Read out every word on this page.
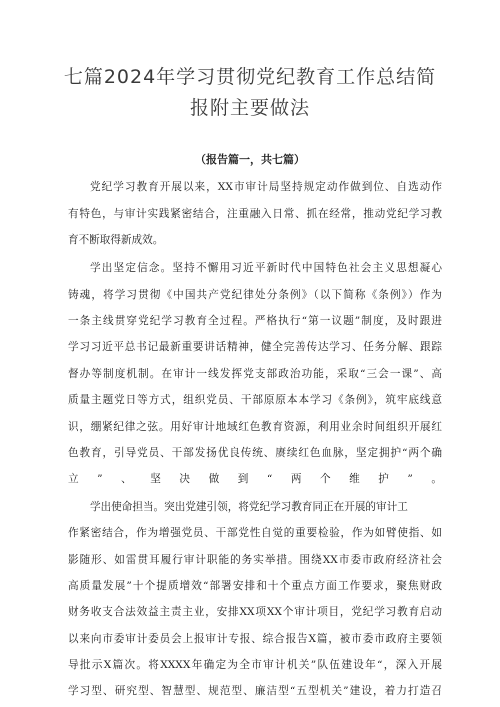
七篇2024年学习贯彻党纪教育工作总结简
报附主要做法

（报告篇一，共七篇）

党纪学习教育开展以来，XX市审计局坚持规定动作做到位、自选动作

有特色，与审计实践紧密结合，注重融入日常、抓在经常，推动党纪学习教

育不断取得新成效。

学出坚定信念。坚持不懈用习近平新时代中国特色社会主义思想凝心

铸魂，将学习贯彻《中国共产党纪律处分条例》（以下简称《条例》）作为

一条主线贯穿党纪学习教育全过程。严格执行“第一议题”制度，及时跟进

学习习近平总书记最新重要讲话精神，健全完善传达学习、任务分解、跟踪

督办等制度机制。在审计一线发挥党支部政治功能，采取“三会一课”、高

质量主题党日等方式，组织党员、干部原原本本学习《条例》，筑牢底线意

识，绷紧纪律之弦。用好审计地域红色教育资源，利用业余时间组织开展红

色教育，引导党员、干部发扬优良传统、赓续红色血脉，坚定拥护“两个确

立”、坚决做到“两个维护”。

学出使命担当。突出党建引领，将党纪学习教育同正在开展的审计工

作紧密结合，作为增强党员、干部党性自觉的重要检验，作为如臂使指、如

影随形、如雷贯耳履行审计职能的务实举措。围绕XX市委市政府经济社会

高质量发展”十个提质增效“部署安排和十个重点方面工作要求，聚焦财政

财务收支合法效益主责主业，安排XX项XX个审计项目，党纪学习教育启动

以来向市委审计委员会上报审计专报、综合报告X篇，被市委市政府主要领

导批示X篇次。将XXXX年确定为全市审计机关”队伍建设年“，深入开展

学习型、研究型、智慧型、规范型、廉洁型“五型机关”建设，着力打造召
